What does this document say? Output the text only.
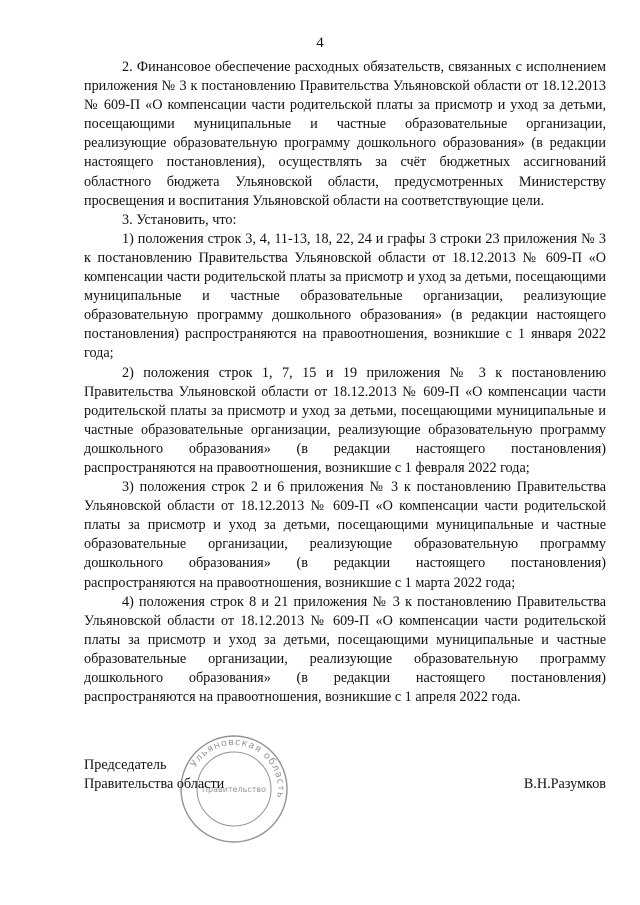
4

2. Финансовое обеспечение расходных обязательств, связанных с исполнением приложения № 3 к постановлению Правительства Ульяновской области от 18.12.2013 № 609-П «О компенсации части родительской платы за присмотр и уход за детьми, посещающими муниципальные и частные образовательные организации, реализующие образовательную программу дошкольного образования» (в редакции настоящего постановления), осуществлять за счёт бюджетных ассигнований областного бюджета Ульяновской области, предусмотренных Министерству просвещения и воспитания Ульяновской области на соответствующие цели.

3. Установить, что:

1) положения строк 3, 4, 11-13, 18, 22, 24 и графы 3 строки 23 приложения № 3 к постановлению Правительства Ульяновской области от 18.12.2013 № 609-П «О компенсации части родительской платы за присмотр и уход за детьми, посещающими муниципальные и частные образовательные организации, реализующие образовательную программу дошкольного образования» (в редакции настоящего постановления) распространяются на правоотношения, возникшие с 1 января 2022 года;

2) положения строк 1, 7, 15 и 19 приложения № 3 к постановлению Правительства Ульяновской области от 18.12.2013 № 609-П «О компенсации части родительской платы за присмотр и уход за детьми, посещающими муниципальные и частные образовательные организации, реализующие образовательную программу дошкольного образования» (в редакции настоящего постановления) распространяются на правоотношения, возникшие с 1 февраля 2022 года;

3) положения строк 2 и 6 приложения № 3 к постановлению Правительства Ульяновской области от 18.12.2013 № 609-П «О компенсации части родительской платы за присмотр и уход за детьми, посещающими муниципальные и частные образовательные организации, реализующие образовательную программу дошкольного образования» (в редакции настоящего постановления) распространяются на правоотношения, возникшие с 1 марта 2022 года;

4) положения строк 8 и 21 приложения № 3 к постановлению Правительства Ульяновской области от 18.12.2013 № 609-П «О компенсации части родительской платы за присмотр и уход за детьми, посещающими муниципальные и частные образовательные организации, реализующие образовательную программу дошкольного образования» (в редакции настоящего постановления) распространяются на правоотношения, возникшие с 1 апреля 2022 года.

Председатель
Правительства области	В.Н.Разумков
Ульяновская область
Правительство
